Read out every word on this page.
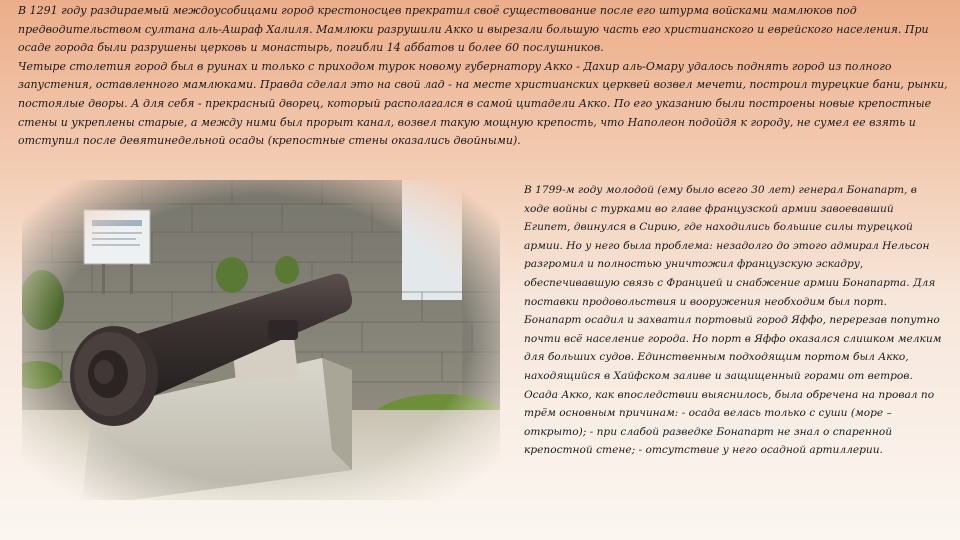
В 1291 году раздираемый междоусобицами город крестоносцев прекратил своё существование после его штурма войсками мамлюков под
предводительством султана аль-Ашраф Халиля. Мамлюки разрушили Акко и вырезали большую часть его христианского и еврейского населения. При
осаде города были разрушены церковь и монастырь, погибли 14 аббатов и более 60 послушников.
Четыре столетия город был в руинах и только с приходом турок новому губернатору Акко - Дахир аль-Омару удалось поднять город из полного
запустения, оставленного мамлюками. Правда сделал это на свой лад - на месте христианских церквей возвел мечети, построил турецкие бани, рынки,
постоялые дворы. А для себя - прекрасный дворец, который располагался в самой цитадели Акко. По его указанию были построены новые крепостные
стены и укреплены старые, а между ними был прорыт канал, возвел такую мощную крепость, что Наполеон подойдя к городу, не сумел ее взять и
отступил после девятинедельной осады (крепостные стены оказались двойными).
В 1799-м году молодой (ему было всего 30 лет) генерал Бонапарт, в
ходе войны с турками во главе французской армии завоевавший
Египет, двинулся в Сирию, где находились большие силы турецкой
армии. Но у него была проблема: незадолго до этого адмирал Нельсон
разгромил и полностью уничтожил французскую эскадру,
обеспечивавшую связь с Францией и снабжение армии Бонапарта. Для
поставки продовольствия и вооружения необходим был порт.
Бонапарт осадил и захватил портовый город Яффо, перерезав попутно
почти всё население города. Но порт в Яффо оказался слишком мелким
для больших судов. Единственным подходящим портом был Акко,
находящийся в Хайфском заливе и защищенный горами от ветров.
Осада Акко, как впоследствии выяснилось, была обречена на провал по
трём основным причинам: - осада велась только с суши (море –
открыто); - при слабой разведке Бонапарт не знал о спаренной
крепостной стене; - отсутствие у него осадной артиллерии.
